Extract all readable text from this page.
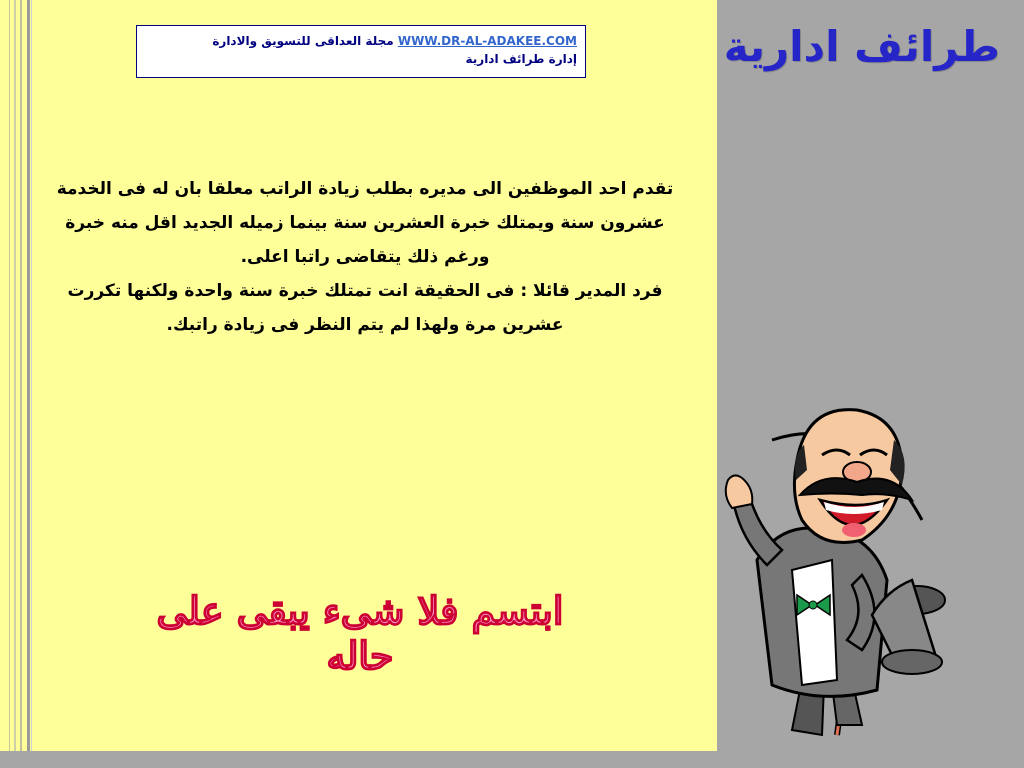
WWW.DR-AL-ADAKEE.COM مجلة العداقى للتسويق والادارة
إدارة طرائف ادارية	طرائف ادارية

تقدم احد الموظفين الى مديره بطلب زيادة الراتب معلقا بان له فى الخدمة عشرون سنة ويمتلك خبرة العشرين سنة بينما زميله الجديد اقل منه خبرة ورغم ذلك يتقاضى راتبا اعلى.

فرد المدير قائلا : فى الحقيقة انت تمتلك خبرة سنة واحدة ولكنها تكررت عشرين مرة ولهذا لم يتم النظر فى زيادة راتبك.

ابتسم فلا شىء يبقى على حاله
